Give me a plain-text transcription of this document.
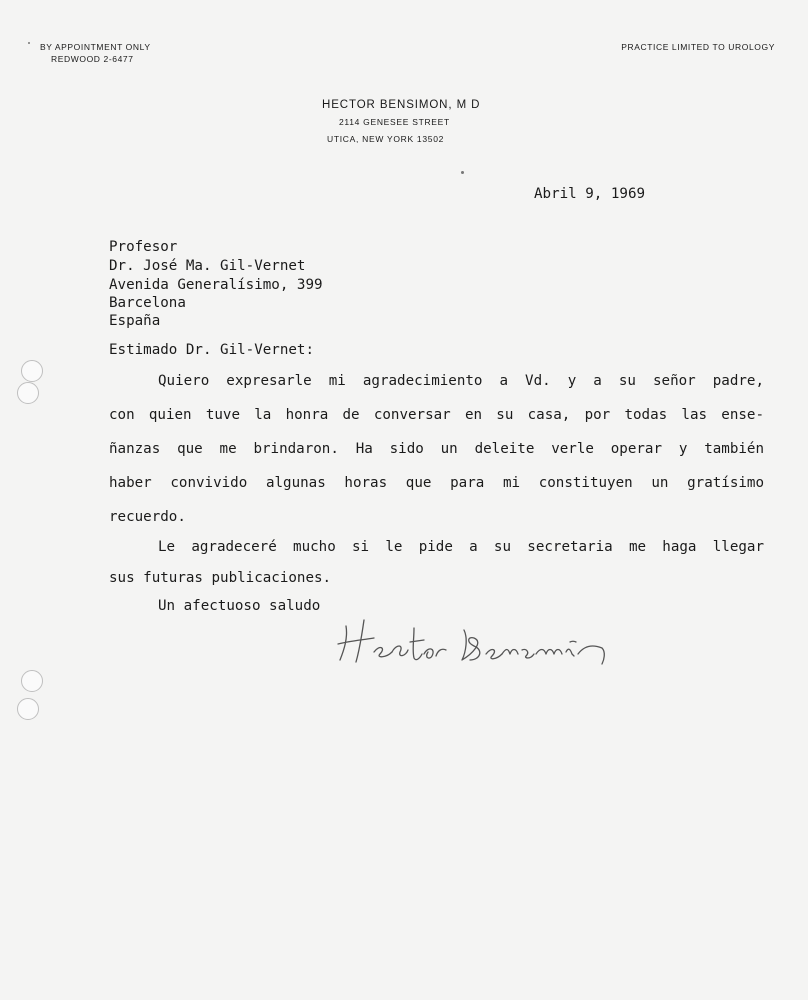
BY APPOINTMENT ONLY
REDWOOD 2-6477
PRACTICE LIMITED TO UROLOGY
HECTOR BENSIMON, M D
2114 GENESEE STREET
UTICA, NEW YORK 13502
Abril 9, 1969
Profesor
Dr. José Ma. Gil-Vernet
Avenida Generalísimo, 399
Barcelona
España
Estimado Dr. Gil-Vernet:
Quiero expresarle mi agradecimiento a Vd. y a su señor padre,
con quien tuve la honra de conversar en su casa, por todas las ense-
ñanzas que me brindaron. Ha sido un deleite verle operar y también
haber convivido algunas horas que para mi constituyen un gratísimo
recuerdo.
Le agradeceré mucho si le pide a su secretaria me haga llegar
sus futuras publicaciones.
Un afectuoso saludo
